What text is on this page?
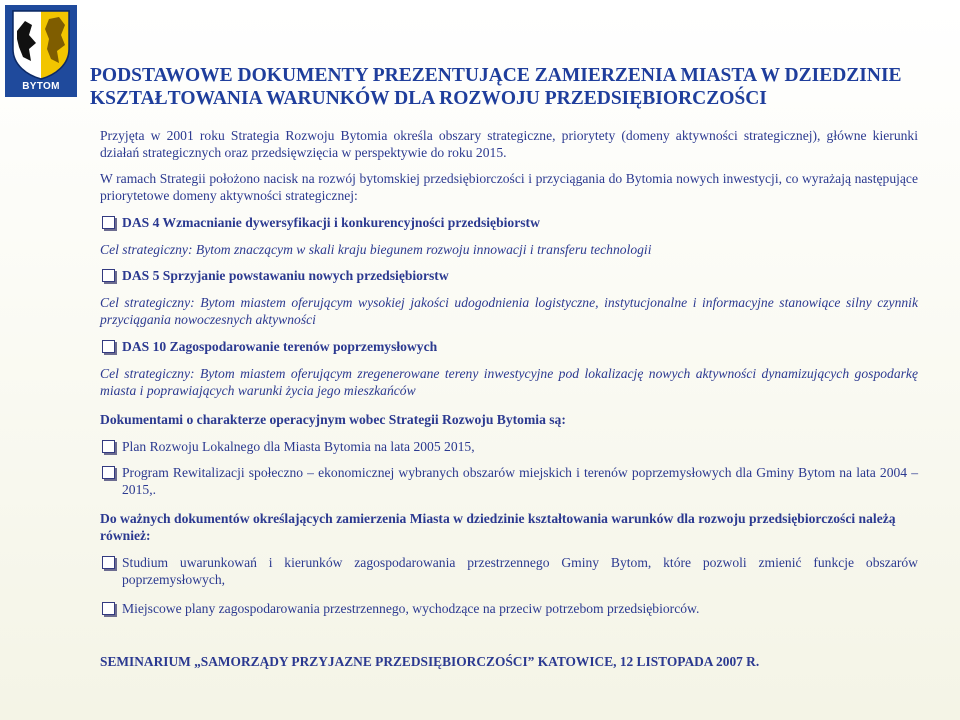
BYTOM
PODSTAWOWE DOKUMENTY PREZENTUJĄCE ZAMIERZENIA MIASTA W DZIEDZINIE
KSZTAŁTOWANIA WARUNKÓW DLA ROZWOJU PRZEDSIĘBIORCZOŚCI

Przyjęta w 2001 roku Strategia Rozwoju Bytomia określa obszary strategiczne, priorytety (domeny aktywności strategicznej), główne kierunki działań strategicznych oraz przedsięwzięcia w perspektywie do roku 2015.

W ramach Strategii położono nacisk na rozwój bytomskiej przedsiębiorczości i przyciągania do Bytomia nowych inwestycji, co wyrażają następujące priorytetowe domeny aktywności strategicznej:

DAS 4 Wzmacnianie dywersyfikacji i konkurencyjności przedsiębiorstw

Cel strategiczny: Bytom znaczącym w skali kraju biegunem rozwoju innowacji i transferu technologii

DAS 5 Sprzyjanie powstawaniu nowych przedsiębiorstw

Cel strategiczny: Bytom miastem oferującym wysokiej jakości udogodnienia logistyczne, instytucjonalne i informacyjne stanowiące silny czynnik przyciągania nowoczesnych aktywności

DAS 10 Zagospodarowanie terenów poprzemysłowych

Cel strategiczny: Bytom miastem oferującym zregenerowane tereny inwestycyjne pod lokalizację nowych aktywności dynamizujących gospodarkę miasta i poprawiających warunki życia jego mieszkańców

Dokumentami o charakterze operacyjnym wobec Strategii Rozwoju Bytomia są:

Plan Rozwoju Lokalnego dla Miasta Bytomia na lata 2005 2015,
Program Rewitalizacji społeczno – ekonomicznej wybranych obszarów miejskich i terenów poprzemysłowych dla Gminy Bytom na lata 2004 – 2015,.

Do ważnych dokumentów określających zamierzenia Miasta w dziedzinie kształtowania warunków dla rozwoju przedsiębiorczości należą również:

Studium uwarunkowań i kierunków zagospodarowania przestrzennego Gminy Bytom, które pozwoli zmienić funkcje obszarów poprzemysłowych,
Miejscowe plany zagospodarowania przestrzennego, wychodzące na przeciw potrzebom przedsiębiorców.
SEMINARIUM „SAMORZĄDY PRZYJAZNE PRZEDSIĘBIORCZOŚCI” KATOWICE, 12 LISTOPADA 2007 R.
